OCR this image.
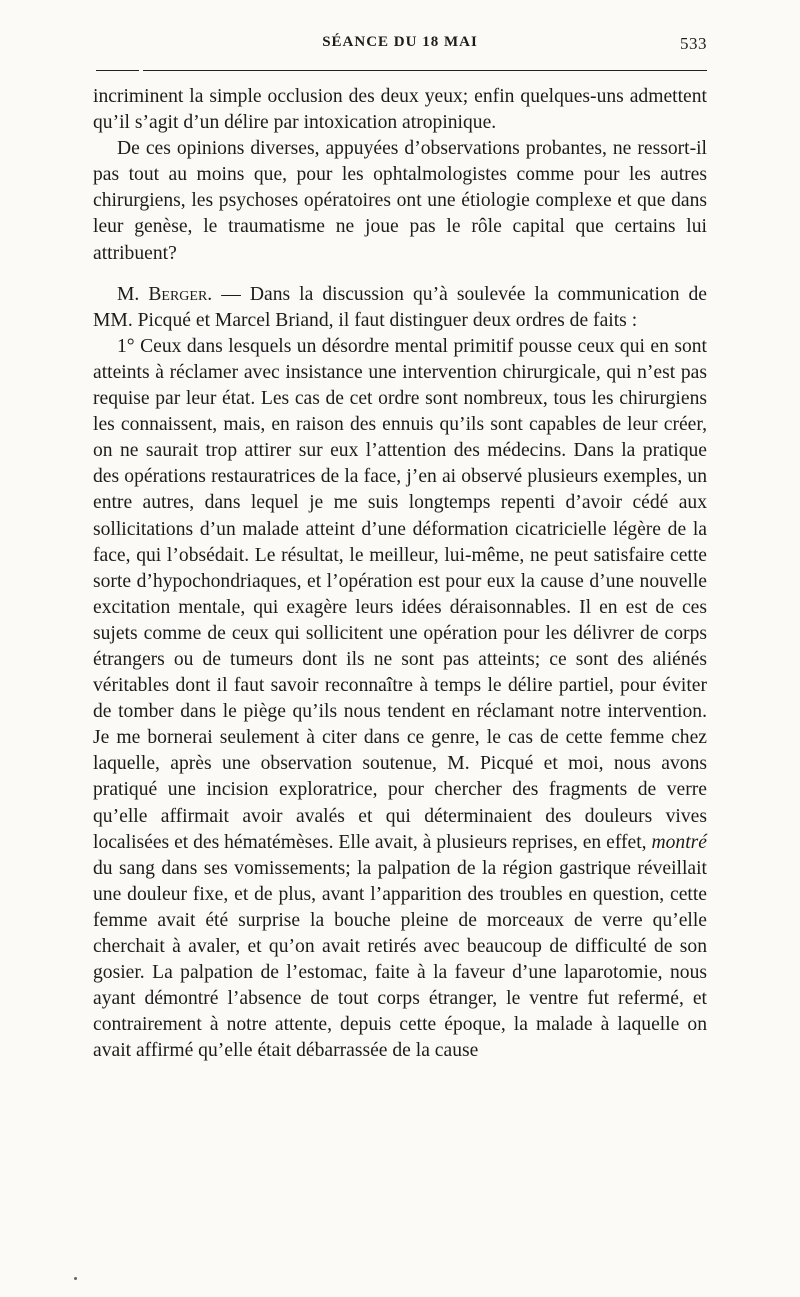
SÉANCE DU 18 MAI	533

incriminent la simple occlusion des deux yeux; enfin quelques-uns admettent qu’il s’agit d’un délire par intoxication atropinique.

De ces opinions diverses, appuyées d’observations probantes, ne ressort-il pas tout au moins que, pour les ophtalmologistes comme pour les autres chirurgiens, les psychoses opératoires ont une étiologie complexe et que dans leur genèse, le traumatisme ne joue pas le rôle capital que certains lui attribuent?

M. Berger. — Dans la discussion qu’à soulevée la communication de MM. Picqué et Marcel Briand, il faut distinguer deux ordres de faits :

1° Ceux dans lesquels un désordre mental primitif pousse ceux qui en sont atteints à réclamer avec insistance une intervention chirurgicale, qui n’est pas requise par leur état. Les cas de cet ordre sont nombreux, tous les chirurgiens les connaissent, mais, en raison des ennuis qu’ils sont capables de leur créer, on ne saurait trop attirer sur eux l’attention des médecins. Dans la pratique des opérations restauratrices de la face, j’en ai observé plusieurs exemples, un entre autres, dans lequel je me suis longtemps repenti d’avoir cédé aux sollicitations d’un malade atteint d’une déformation cicatricielle légère de la face, qui l’obsédait. Le résultat, le meilleur, lui-même, ne peut satisfaire cette sorte d’hypochondriaques, et l’opération est pour eux la cause d’une nouvelle excitation mentale, qui exagère leurs idées déraisonnables. Il en est de ces sujets comme de ceux qui sollicitent une opération pour les délivrer de corps étrangers ou de tumeurs dont ils ne sont pas atteints; ce sont des aliénés véritables dont il faut savoir reconnaître à temps le délire partiel, pour éviter de tomber dans le piège qu’ils nous tendent en réclamant notre intervention. Je me bornerai seulement à citer dans ce genre, le cas de cette femme chez laquelle, après une observation soutenue, M. Picqué et moi, nous avons pratiqué une incision exploratrice, pour chercher des fragments de verre qu’elle affirmait avoir avalés et qui déterminaient des douleurs vives localisées et des hématémèses. Elle avait, à plusieurs reprises, en effet, montré du sang dans ses vomissements; la palpation de la région gastrique réveillait une douleur fixe, et de plus, avant l’apparition des troubles en question, cette femme avait été surprise la bouche pleine de morceaux de verre qu’elle cherchait à avaler, et qu’on avait retirés avec beaucoup de difficulté de son gosier. La palpation de l’estomac, faite à la faveur d’une laparotomie, nous ayant démontré l’absence de tout corps étranger, le ventre fut refermé, et contrairement à notre attente, depuis cette époque, la malade à laquelle on avait affirmé qu’elle était débarrassée de la cause
